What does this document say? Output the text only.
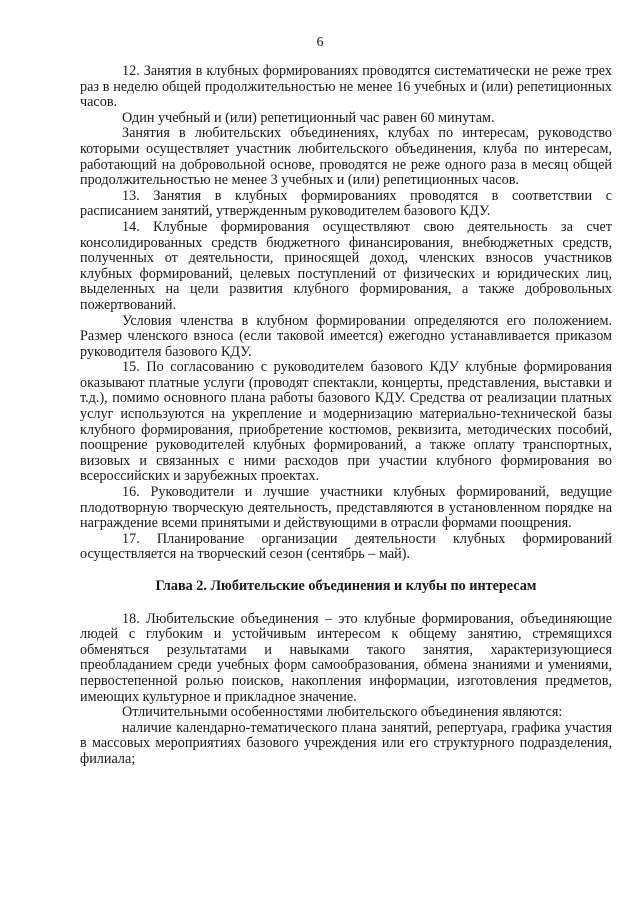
6

12. Занятия в клубных формированиях проводятся систематически не реже трех раз в неделю общей продолжительностью не менее 16 учебных и (или) репетиционных часов.

Один учебный и (или) репетиционный час равен 60 минутам.

Занятия в любительских объединениях, клубах по интересам, руководство которыми осуществляет участник любительского объединения, клуба по интересам, работающий на добровольной основе, проводятся не реже одного раза в месяц общей продолжительностью не менее 3 учебных и (или) репетиционных часов.

13. Занятия в клубных формированиях проводятся в соответствии с расписанием занятий, утвержденным руководителем базового КДУ.

14. Клубные формирования осуществляют свою деятельность за счет консолидированных средств бюджетного финансирования, внебюджетных средств, полученных от деятельности, приносящей доход, членских взносов участников клубных формирований, целевых поступлений от физических и юридических лиц, выделенных на цели развития клубного формирования, а также добровольных пожертвований.

Условия членства в клубном формировании определяются его положением. Размер членского взноса (если таковой имеется) ежегодно устанавливается приказом руководителя базового КДУ.

15. По согласованию с руководителем базового КДУ клубные формирования оказывают платные услуги (проводят спектакли, концерты, представления, выставки и т.д.), помимо основного плана работы базового КДУ. Средства от реализации платных услуг используются на укрепление и модернизацию материально-технической базы клубного формирования, приобретение костюмов, реквизита, методических пособий, поощрение руководителей клубных формирований, а также оплату транспортных, визовых и связанных с ними расходов при участии клубного формирования во всероссийских и зарубежных проектах.

16. Руководители и лучшие участники клубных формирований, ведущие плодотворную творческую деятельность, представляются в установленном порядке на награждение всеми принятыми и действующими в отрасли формами поощрения.

17. Планирование организации деятельности клубных формирований осуществляется на творческий сезон (сентябрь – май).

Глава 2. Любительские объединения и клубы по интересам

18. Любительские объединения – это клубные формирования, объединяющие людей с глубоким и устойчивым интересом к общему занятию, стремящихся обменяться результатами и навыками такого занятия, характеризующиеся преобладанием среди учебных форм самообразования, обмена знаниями и умениями, первостепенной ролью поисков, накопления информации, изготовления предметов, имеющих культурное и прикладное значение.

Отличительными особенностями любительского объединения являются:

наличие календарно-тематического плана занятий, репертуара, графика участия в массовых мероприятиях базового учреждения или его структурного подразделения, филиала;
